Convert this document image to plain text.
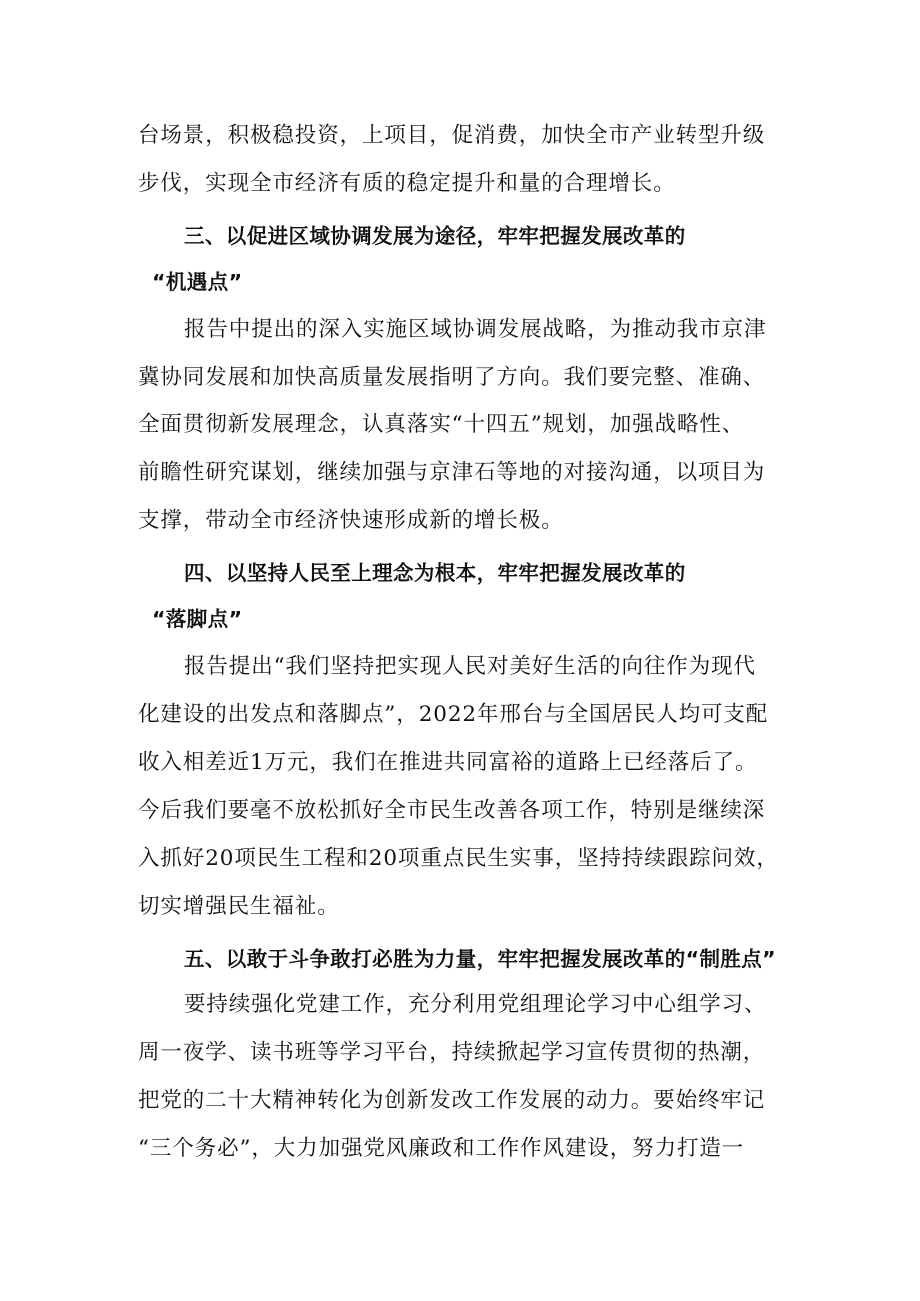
台场景，积极稳投资，上项目，促消费，加快全市产业转型升级
步伐，实现全市经济有质的稳定提升和量的合理增长。
三、以促进区域协调发展为途径，牢牢把握发展改革的
“机遇点”
报告中提出的深入实施区域协调发展战略，为推动我市京津
冀协同发展和加快高质量发展指明了方向。我们要完整、准确、
全面贯彻新发展理念，认真落实“十四五”规划，加强战略性、
前瞻性研究谋划，继续加强与京津石等地的对接沟通，以项目为
支撑，带动全市经济快速形成新的增长极。
四、以坚持人民至上理念为根本，牢牢把握发展改革的
“落脚点”
报告提出“我们坚持把实现人民对美好生活的向往作为现代
化建设的出发点和落脚点”，2022年邢台与全国居民人均可支配
收入相差近1万元，我们在推进共同富裕的道路上已经落后了。
今后我们要毫不放松抓好全市民生改善各项工作，特别是继续深
入抓好20项民生工程和20项重点民生实事，坚持持续跟踪问效，
切实增强民生福祉。
五、以敢于斗争敢打必胜为力量，牢牢把握发展改革的“制胜点”
要持续强化党建工作，充分利用党组理论学习中心组学习、
周一夜学、读书班等学习平台，持续掀起学习宣传贯彻的热潮，
把党的二十大精神转化为创新发改工作发展的动力。要始终牢记
“三个务必”，大力加强党风廉政和工作作风建设，努力打造一
